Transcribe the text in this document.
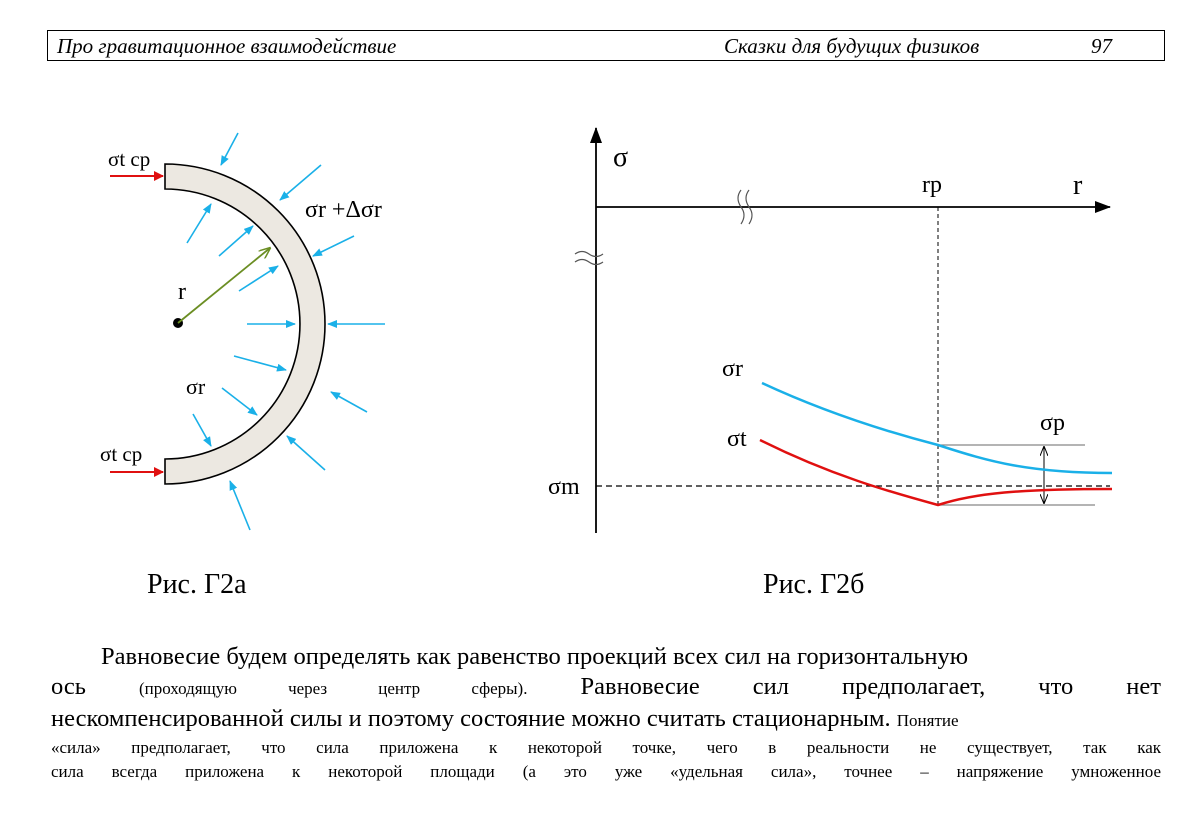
Про гравитационное взаимодействие	Сказки для будущих физиков	97
σt ср
σt ср
σr +Δσr
r
σr
Рис. Г2а
σ
r
rp
σr
σt
σp
σm
Рис. Г2б
Равновесие будем определять как равенство проекций всех сил на горизонтальную
ось	(проходящую через центр сферы). Равновесие сил предполагает, что нет
нескомпенсированной силы и поэтому состояние можно считать стационарным. Понятие
«сила» предполагает, что сила приложена к некоторой точке, чего в реальности не существует, так как
сила всегда приложена к некоторой площади (а это уже «удельная сила», точнее – напряжение умноженное
